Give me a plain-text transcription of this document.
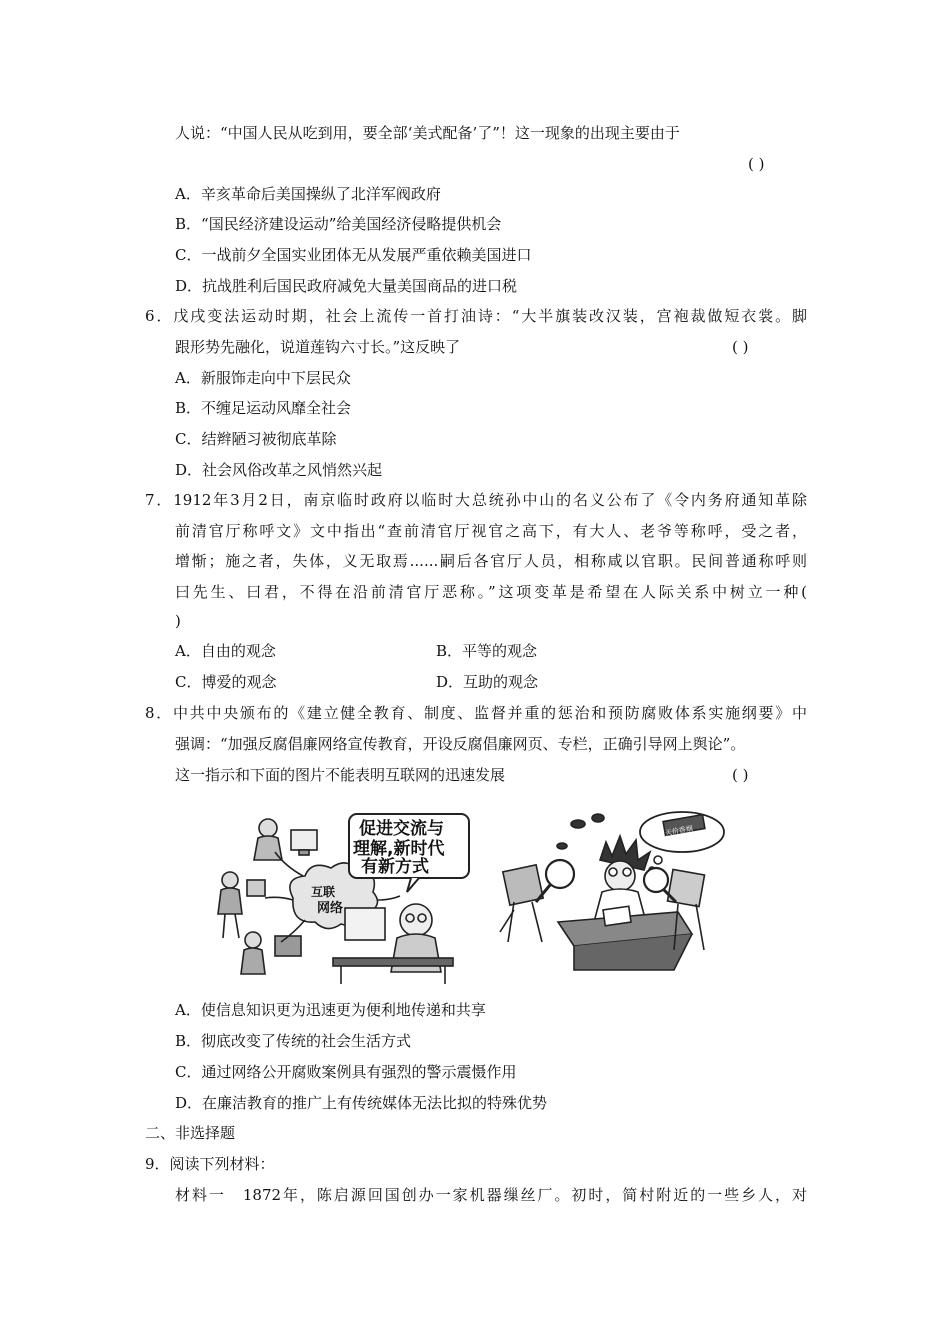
人说：“中国人民从吃到用，要全部‘美式配备’了”！这一现象的出现主要由于
( )
A．辛亥革命后美国操纵了北洋军阀政府
B．“国民经济建设运动”给美国经济侵略提供机会
C．一战前夕全国实业团体无从发展严重依赖美国进口
D．抗战胜利后国民政府减免大量美国商品的进口税
6．戊戌变法运动时期，社会上流传一首打油诗：“大半旗装改汉装，宫袍裁做短衣裳。脚
跟形势先融化，说道莲钩六寸长。”这反映了	( )
A．新服饰走向中下层民众
B．不缠足运动风靡全社会
C．结辫陋习被彻底革除
D．社会风俗改革之风悄然兴起
7．1912年3月2日，南京临时政府以临时大总统孙中山的名义公布了《令内务府通知革除
前清官厅称呼文》文中指出“查前清官厅视官之高下，有大人、老爷等称呼，受之者，
增惭；施之者，失体，义无取焉......嗣后各官厅人员，相称咸以官职。民间普通称呼则
曰先生、曰君，不得在沿前清官厅恶称。”这项变革是希望在人际关系中树立一种(
)
A．自由的观念	B．平等的观念
C．博爱的观念	D．互助的观念
8．中共中央颁布的《建立健全教育、制度、监督并重的惩治和预防腐败体系实施纲要》中
强调：“加强反腐倡廉网络宣传教育，开设反腐倡廉网页、专栏，正确引导网上舆论”。
这一指示和下面的图片不能表明互联网的迅速发展	( )
促进交流与
理解,新时代
有新方式
互联
网络
天价香烟
A．使信息知识更为迅速更为便利地传递和共享
B．彻底改变了传统的社会生活方式
C．通过网络公开腐败案例具有强烈的警示震慑作用
D．在廉洁教育的推广上有传统媒体无法比拟的特殊优势
二、非选择题
9．阅读下列材料：
材料一　1872年，陈启源回国创办一家机器缫丝厂。初时，简村附近的一些乡人，对
